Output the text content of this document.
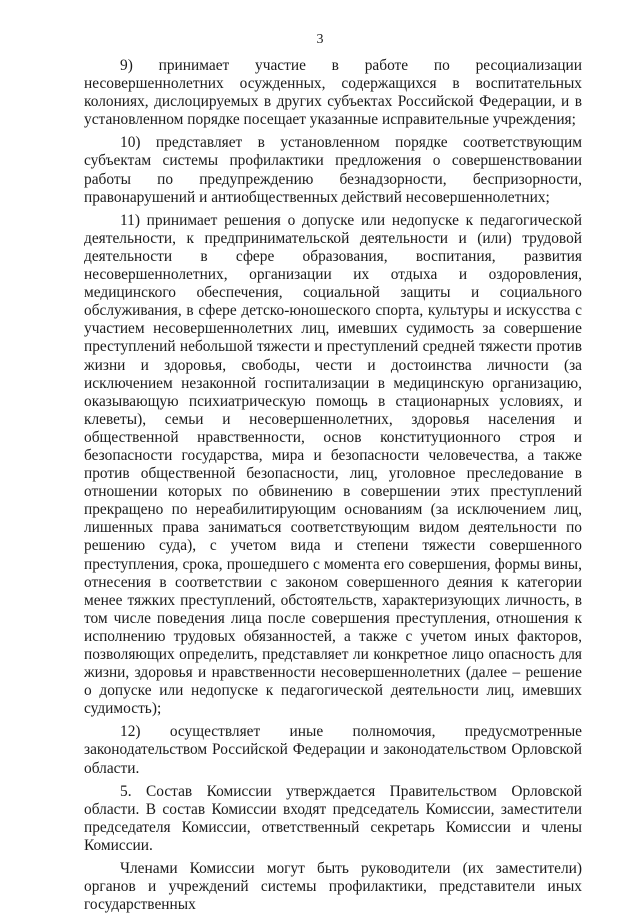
3

9) принимает участие в работе по ресоциализации несовершеннолетних осужденных, содержащихся в воспитательных колониях, дислоцируемых в других субъектах Российской Федерации, и в установленном порядке посещает указанные исправительные учреждения;

10) представляет в установленном порядке соответствующим субъектам системы профилактики предложения о совершенствовании работы по предупреждению безнадзорности, беспризорности, правонарушений и антиобщественных действий несовершеннолетних;

11) принимает решения о допуске или недопуске к педагогической деятельности, к предпринимательской деятельности и (или) трудовой деятельности в сфере образования, воспитания, развития несовершеннолетних, организации их отдыха и оздоровления, медицинского обеспечения, социальной защиты и социального обслуживания, в сфере детско-юношеского спорта, культуры и искусства с участием несовершеннолетних лиц, имевших судимость за совершение преступлений небольшой тяжести и преступлений средней тяжести против жизни и здоровья, свободы, чести и достоинства личности (за исключением незаконной госпитализации в медицинскую организацию, оказывающую психиатрическую помощь в стационарных условиях, и клеветы), семьи и несовершеннолетних, здоровья населения и общественной нравственности, основ конституционного строя и безопасности государства, мира и безопасности человечества, а также против общественной безопасности, лиц, уголовное преследование в отношении которых по обвинению в совершении этих преступлений прекращено по нереабилитирующим основаниям (за исключением лиц, лишенных права заниматься соответствующим видом деятельности по решению суда), с учетом вида и степени тяжести совершенного преступления, срока, прошедшего с момента его совершения, формы вины, отнесения в соответствии с законом совершенного деяния к категории менее тяжких преступлений, обстоятельств, характеризующих личность, в том числе поведения лица после совершения преступления, отношения к исполнению трудовых обязанностей, а также с учетом иных факторов, позволяющих определить, представляет ли конкретное лицо опасность для жизни, здоровья и нравственности несовершеннолетних (далее – решение о допуске или недопуске к педагогической деятельности лиц, имевших судимость);

12) осуществляет иные полномочия, предусмотренные законодательством Российской Федерации и законодательством Орловской области.

5. Состав Комиссии утверждается Правительством Орловской области. В состав Комиссии входят председатель Комиссии, заместители председателя Комиссии, ответственный секретарь Комиссии и члены Комиссии.

Членами Комиссии могут быть руководители (их заместители) органов и учреждений системы профилактики, представители иных государственных
